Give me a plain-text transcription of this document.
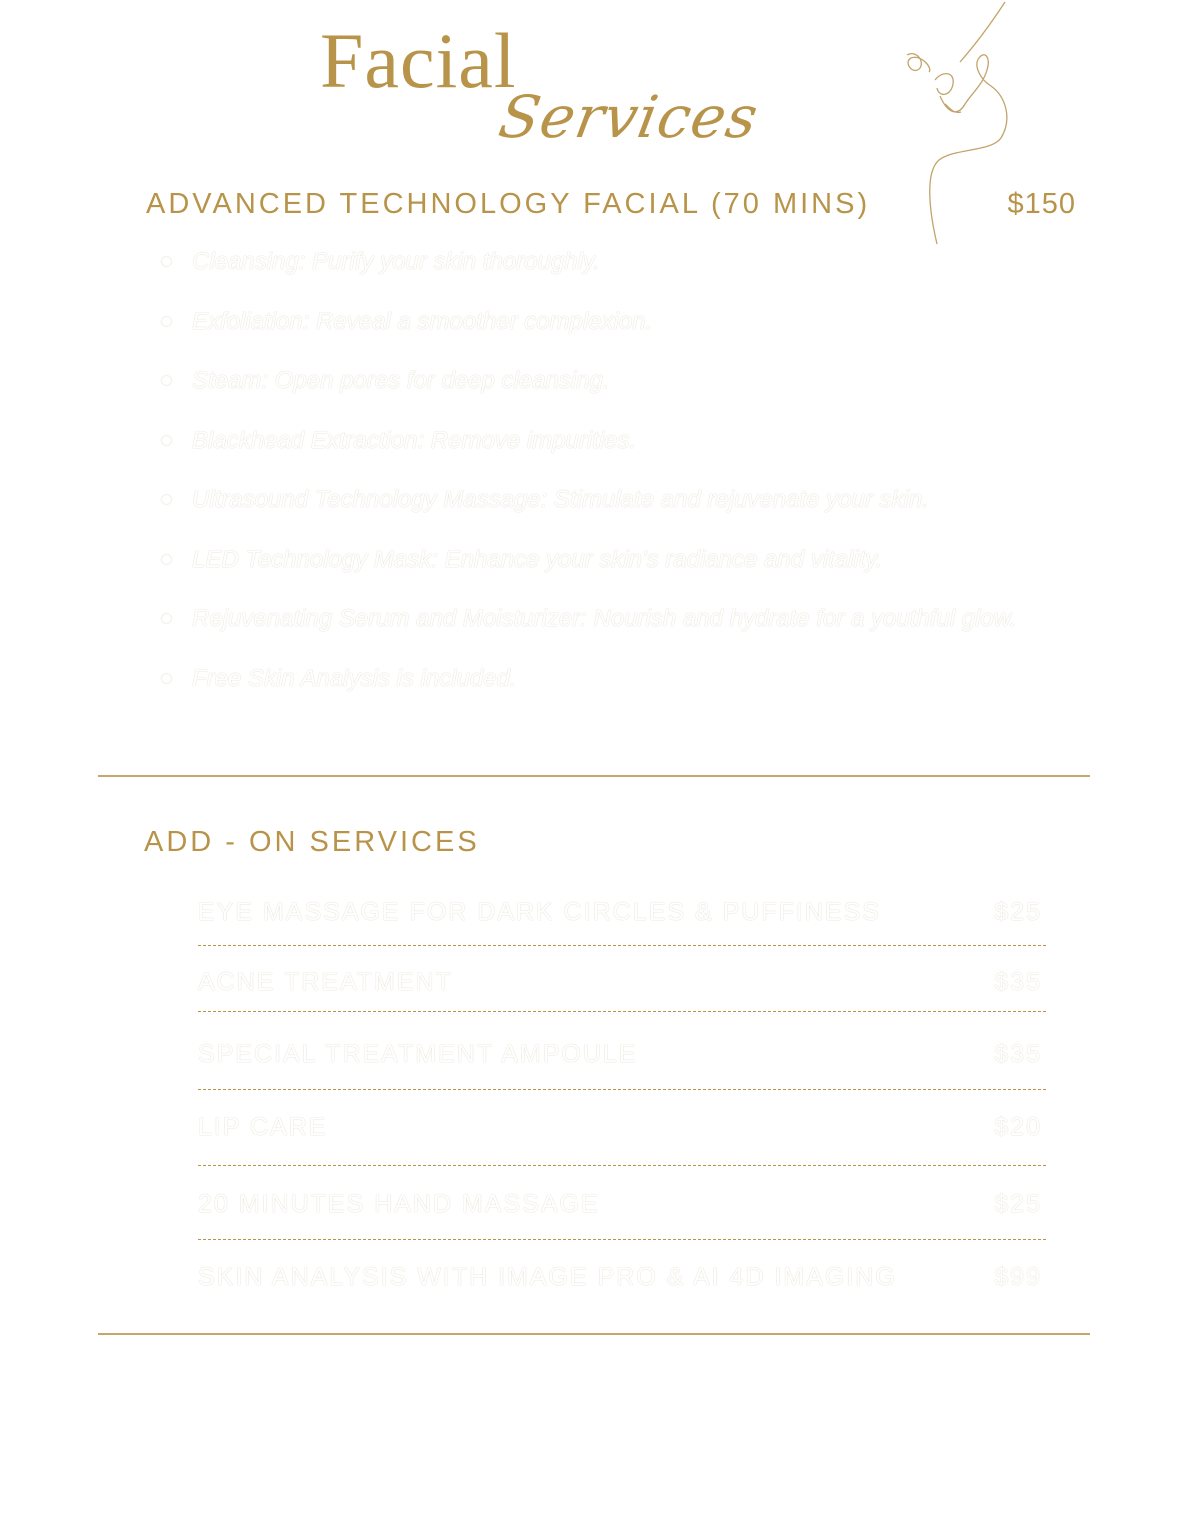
Facial
Services
ADVANCED TECHNOLOGY FACIAL (70 MINS)	$150
Cleansing: Purify your skin thoroughly.
Exfoliation: Reveal a smoother complexion.
Steam: Open pores for deep cleansing.
Blackhead Extraction: Remove impurities.
Ultrasound Technology Massage: Stimulate and rejuvenate your skin.
LED Technology Mask: Enhance your skin's radiance and vitality.
Rejuvenating Serum and Moisturizer: Nourish and hydrate for a youthful glow.
Free Skin Analysis is included.
ADD - ON SERVICES
EYE MASSAGE FOR DARK CIRCLES & PUFFINESS	$25
ACNE TREATMENT	$35
SPECIAL TREATMENT AMPOULE	$35
LIP CARE	$20
20 MINUTES HAND MASSAGE	$25
SKIN ANALYSIS WITH IMAGE PRO & AI 4D IMAGING	$99
